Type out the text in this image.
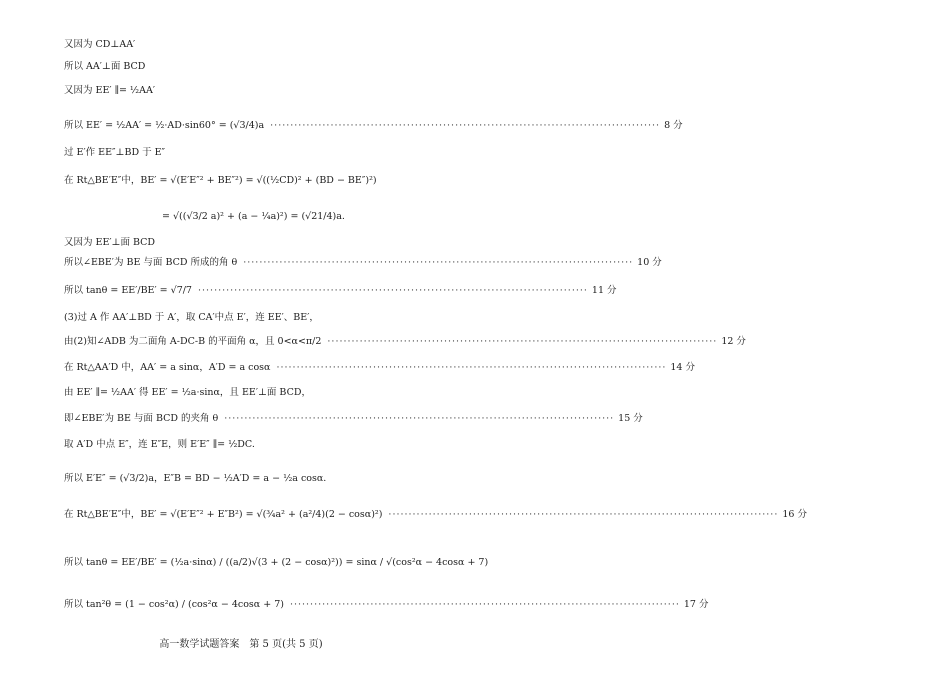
又因为 CD⊥AA′
所以 AA′⊥面 BCD
又因为 EE′ ∥= ½AA′
所以 EE′ = ½AA′ = ½·AD·sin60° = (√3/4)a ································································································· 8 分
过 E′作 EE″⊥BD 于 E″
在 Rt△BE′E″中，BE′ = √(E′E″² + BE″²) = √((½CD)² + (BD − BE″)²)
= √((√3/2 a)² + (a − ¼a)²) = (√21/4)a.
又因为 EE′⊥面 BCD
所以∠EBE′为 BE 与面 BCD 所成的角 θ ································································································· 10 分
所以 tanθ = EE′/BE′ = √7/7 ································································································· 11 分
(3)过 A 作 AA′⊥BD 于 A′，取 CA′中点 E′，连 EE′、BE′，
由(2)知∠ADB 为二面角 A-DC-B 的平面角 α，且 0<α<π/2 ································································································· 12 分
在 Rt△AA′D 中，AA′ = a sinα，A′D = a cosα ································································································· 14 分
由 EE′ ∥= ½AA′ 得 EE′ = ½a·sinα，且 EE′⊥面 BCD，
即∠EBE′为 BE 与面 BCD 的夹角 θ ································································································· 15 分
取 A′D 中点 E″，连 E″E，则 E′E″ ∥= ½DC.
所以 E′E″ = (√3/2)a，E″B = BD − ½A′D = a − ½a cosα.
在 Rt△BE′E″中，BE′ = √(E′E″² + E″B²) = √(¾a² + (a²/4)(2 − cosα)²) ································································································· 16 分
所以 tanθ = EE′/BE′ = (½a·sinα) / ((a/2)√(3 + (2 − cosα)²)) = sinα / √(cos²α − 4cosα + 7)
所以 tan²θ = (1 − cos²α) / (cos²α − 4cosα + 7) ································································································· 17 分
高一数学试题答案　第 5 页(共 5 页)
